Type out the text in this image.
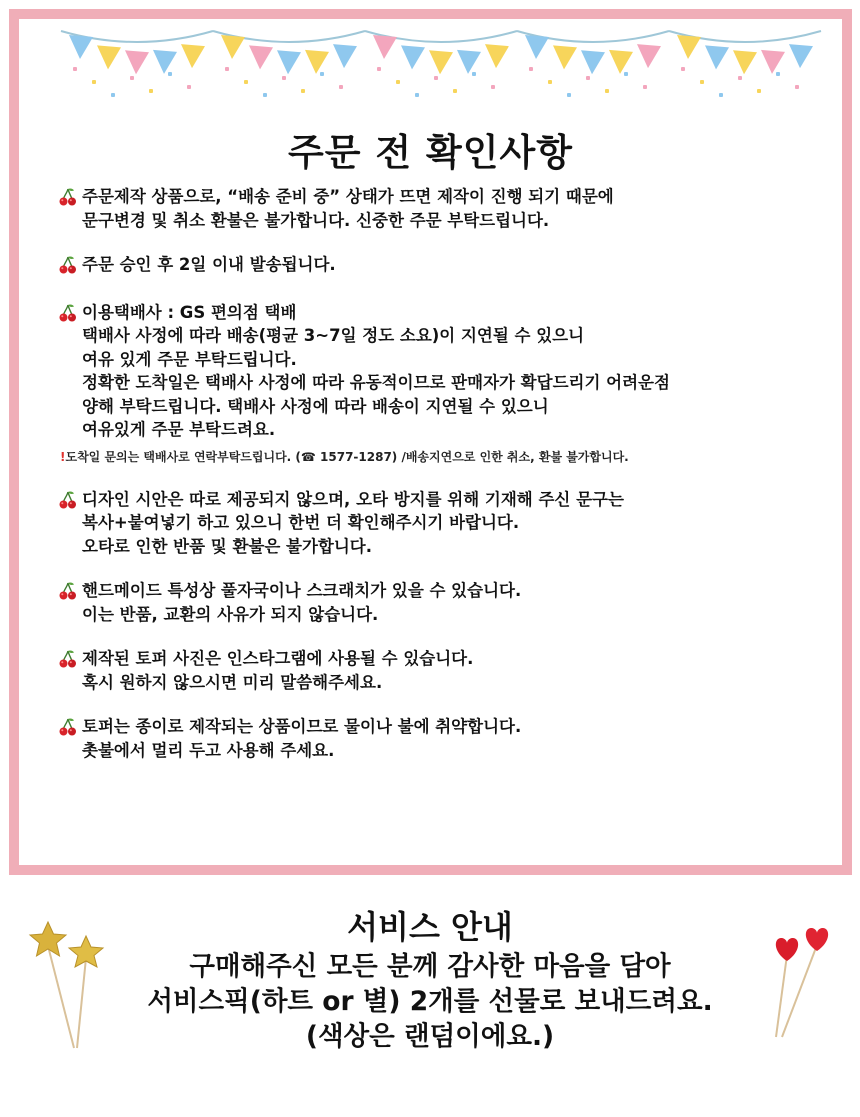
주문 전 확인사항
주문제작 상품으로, “배송 준비 중” 상태가 뜨면 제작이 진행 되기 때문에
문구변경 및 취소 환불은 불가합니다. 신중한 주문 부탁드립니다.
주문 승인 후 2일 이내 발송됩니다.
이용택배사 : GS 편의점 택배
택배사 사정에 따라 배송(평균 3~7일 정도 소요)이 지연될 수 있으니
여유 있게 주문 부탁드립니다.
정확한 도착일은 택배사 사정에 따라 유동적이므로 판매자가 확답드리기 어려운점
양해 부탁드립니다. 택배사 사정에 따라 배송이 지연될 수 있으니
여유있게 주문 부탁드려요.
!도착일 문의는 택배사로 연락부탁드립니다. (☎ 1577-1287) /배송지연으로 인한 취소, 환불 불가합니다.
디자인 시안은 따로 제공되지 않으며, 오타 방지를 위해 기재해 주신 문구는
복사+붙여넣기 하고 있으니 한번 더 확인해주시기 바랍니다.
오타로 인한 반품 및 환불은 불가합니다.
핸드메이드 특성상 풀자국이나 스크래치가 있을 수 있습니다.
이는 반품, 교환의 사유가 되지 않습니다.
제작된 토퍼 사진은 인스타그램에 사용될 수 있습니다.
혹시 원하지 않으시면 미리 말씀해주세요.
토퍼는 종이로 제작되는 상품이므로 물이나 불에 취약합니다.
촛불에서 멀리 두고 사용해 주세요.
서비스 안내
구매해주신 모든 분께 감사한 마음을 담아
서비스픽(하트 or 별) 2개를 선물로 보내드려요.
(색상은 랜덤이에요.)
